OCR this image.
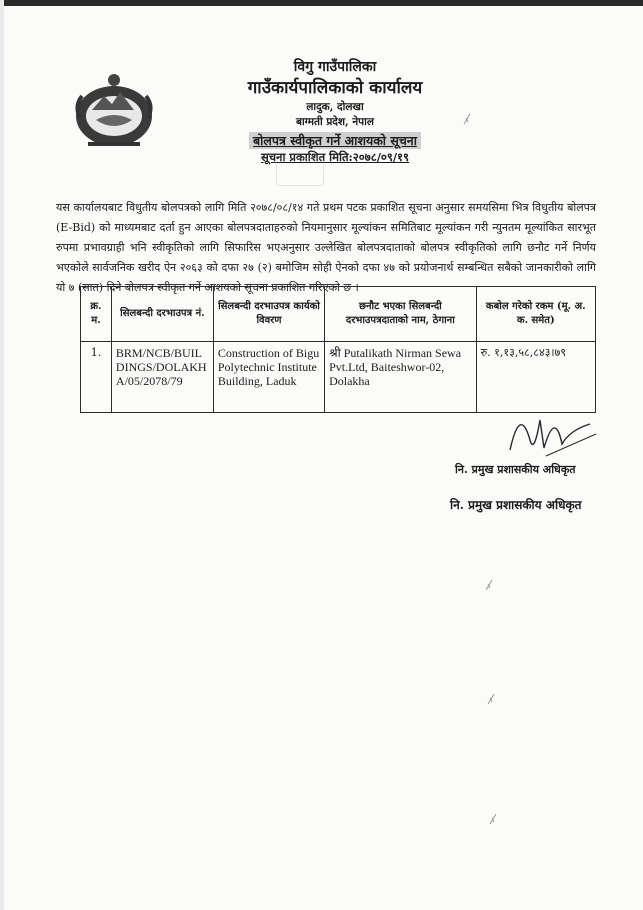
विगु गाउँपालिका
गाउँकार्यपालिकाको कार्यालय
लादुक, दोलखा
बाग्मती प्रदेश, नेपाल
बोलपत्र स्वीकृत गर्ने आशयको सूचना
सूचना प्रकाशित मिति:२०७८/०९/१९
यस कार्यालयबाट विधुतीय बोलपत्रको लागि मिति २०७८/०८/१४ गते प्रथम पटक प्रकाशित सूचना अनुसार समयसिमा भित्र विधुतीय बोलपत्र (E-Bid) को माध्यमबाट दर्ता हुन आएका बोलपत्रदाताहरुको नियमानुसार मूल्यांकन समितिबाट मूल्यांकन गरी न्युनतम मूल्यांकित सारभूत रुपमा प्रभावग्राही भनि स्वीकृतिको लागि सिफारिस भएअनुसार उल्लेखित बोलपत्रदाताको बोलपत्र स्वीकृतिको लागि छनौट गर्ने निर्णय भएकोले सार्वजनिक खरीद ऐन २०६३ को दफा २७ (२) बमोजिम सोही ऐनको दफा ४७ को प्रयोजनार्थ सम्बन्धित सबैको जानकारीको लागि यो ७ (सात) दिने बोलपत्र स्वीकृत गर्ने आशयको सूचना प्रकाशित गरिएको छ ।
क्र. म.	सिलबन्दी दरभाउपत्र नं.	सिलबन्दी दरभाउपत्र कार्यको विवरण	छनौट भएका सिलबन्दी दरभाउपत्रदाताको नाम, ठेगाना	कबोल गरेको रकम (मू. अ. क. समेत)
1.	BRM/NCB/BUILDINGS/DOLAKHA/05/2078/79	Construction of Bigu Polytechnic Institute Building, Laduk	श्री Putalikath Nirman Sewa Pvt.Ltd, Baiteshwor-02, Dolakha	रु. १,१३,५८,८४३।७९
नि. प्रमुख प्रशासकीय अधिकृत
नि. प्रमुख प्रशासकीय अधिकृत
